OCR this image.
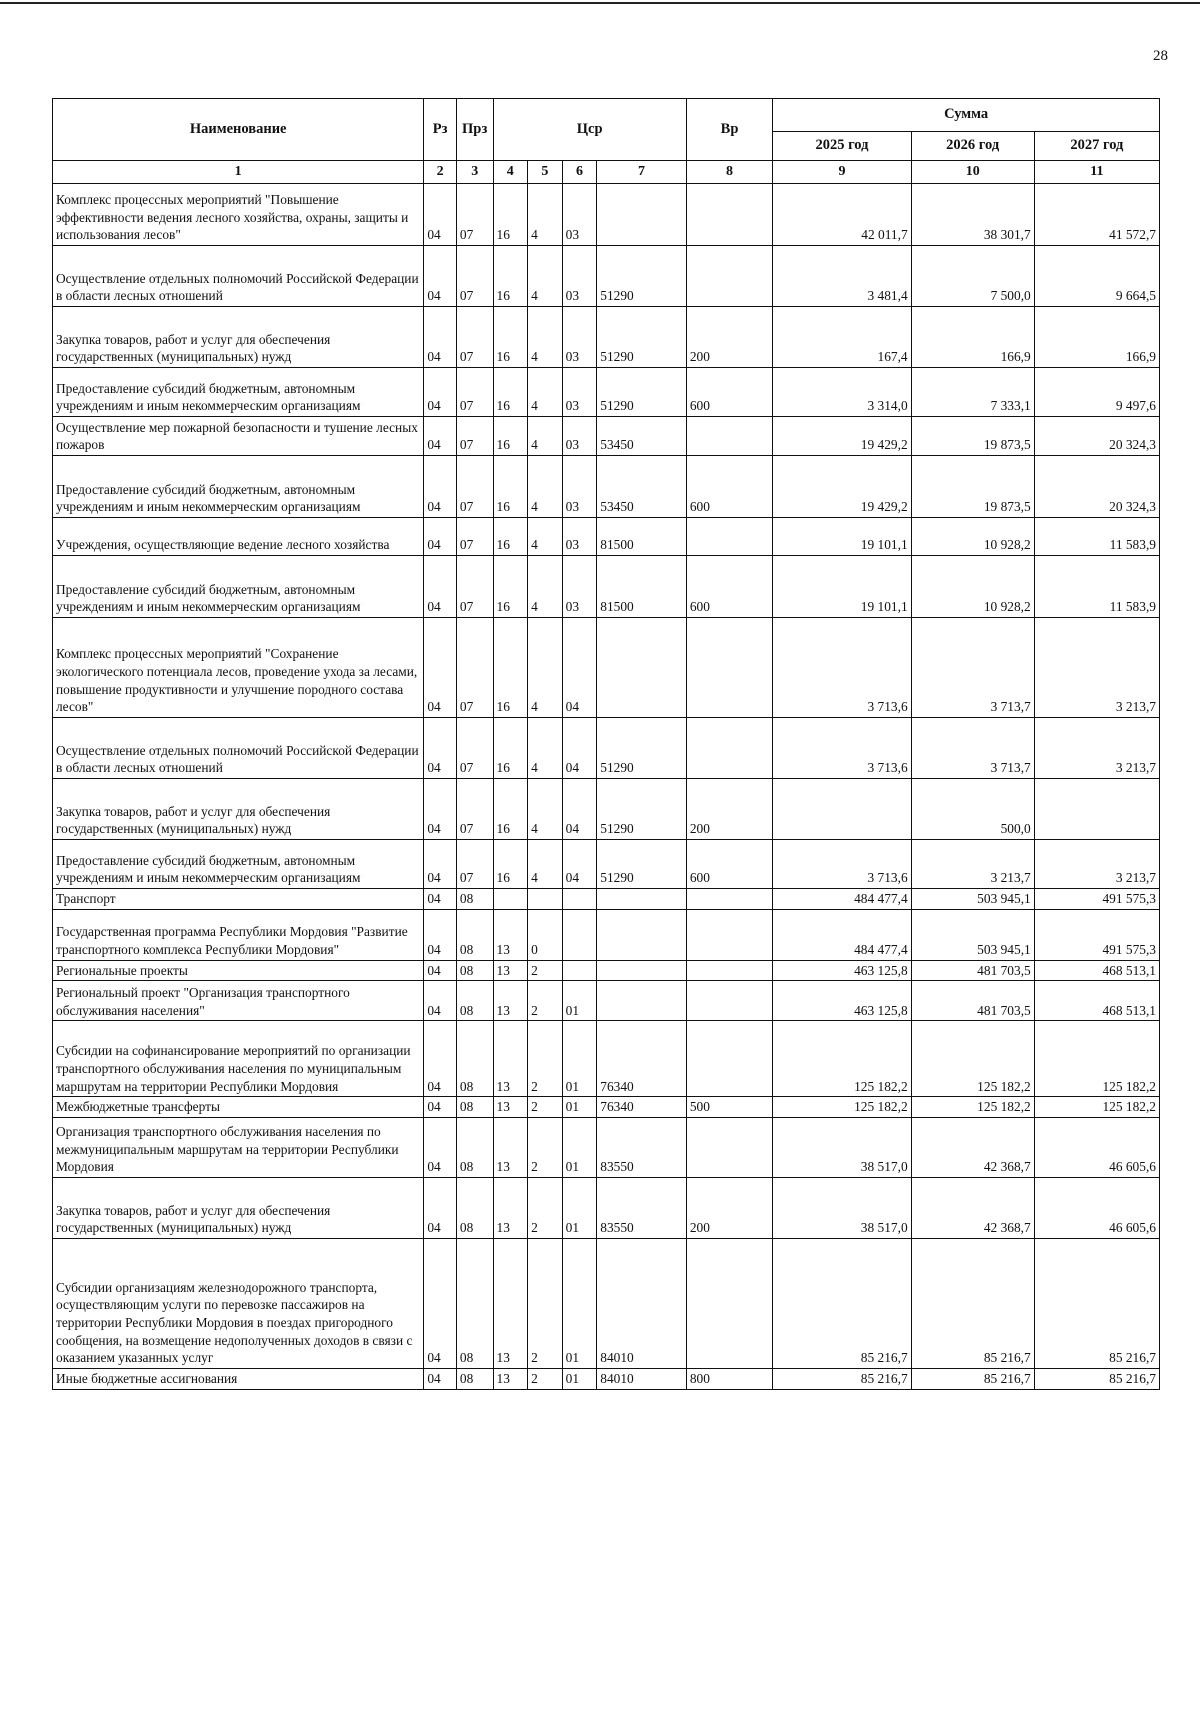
28
Наименование	Рз	Прз	Цср				Вр	Сумма		
								2025 год	2026 год	2027 год
1	2	3	4	5	6	7	8	9	10	11
Комплекс процессных мероприятий "Повышение эффективности ведения лесного хозяйства, охраны, защиты и использования лесов"	04	07	16	4	03			42 011,7	38 301,7	41 572,7
Осуществление отдельных полномочий Российской Федерации в области лесных отношений	04	07	16	4	03	51290		3 481,4	7 500,0	9 664,5
Закупка товаров, работ и услуг для обеспечения государственных (муниципальных) нужд	04	07	16	4	03	51290	200	167,4	166,9	166,9
Предоставление субсидий бюджетным, автономным учреждениям и иным некоммерческим организациям	04	07	16	4	03	51290	600	3 314,0	7 333,1	9 497,6
Осуществление мер пожарной безопасности и тушение лесных пожаров	04	07	16	4	03	53450		19 429,2	19 873,5	20 324,3
Предоставление субсидий бюджетным, автономным учреждениям и иным некоммерческим организациям	04	07	16	4	03	53450	600	19 429,2	19 873,5	20 324,3
Учреждения, осуществляющие ведение лесного хозяйства	04	07	16	4	03	81500		19 101,1	10 928,2	11 583,9
Предоставление субсидий бюджетным, автономным учреждениям и иным некоммерческим организациям	04	07	16	4	03	81500	600	19 101,1	10 928,2	11 583,9
Комплекс процессных мероприятий "Сохранение экологического потенциала лесов, проведение ухода за лесами, повышение продуктивности и улучшение породного состава лесов"	04	07	16	4	04			3 713,6	3 713,7	3 213,7
Осуществление отдельных полномочий Российской Федерации в области лесных отношений	04	07	16	4	04	51290		3 713,6	3 713,7	3 213,7
Закупка товаров, работ и услуг для обеспечения государственных (муниципальных) нужд	04	07	16	4	04	51290	200		500,0	
Предоставление субсидий бюджетным, автономным учреждениям и иным некоммерческим организациям	04	07	16	4	04	51290	600	3 713,6	3 213,7	3 213,7
Транспорт	04	08						484 477,4	503 945,1	491 575,3
Государственная программа Республики Мордовия "Развитие транспортного комплекса Республики Мордовия"	04	08	13	0				484 477,4	503 945,1	491 575,3
Региональные проекты	04	08	13	2				463 125,8	481 703,5	468 513,1
Региональный проект "Организация транспортного обслуживания населения"	04	08	13	2	01			463 125,8	481 703,5	468 513,1
Субсидии на софинансирование мероприятий по организации транспортного обслуживания населения по муниципальным маршрутам на территории Республики Мордовия	04	08	13	2	01	76340		125 182,2	125 182,2	125 182,2
Межбюджетные трансферты	04	08	13	2	01	76340	500	125 182,2	125 182,2	125 182,2
Организация транспортного обслуживания населения по межмуниципальным маршрутам на территории Республики Мордовия	04	08	13	2	01	83550		38 517,0	42 368,7	46 605,6
Закупка товаров, работ и услуг для обеспечения государственных (муниципальных) нужд	04	08	13	2	01	83550	200	38 517,0	42 368,7	46 605,6
Субсидии организациям железнодорожного транспорта, осуществляющим услуги по перевозке пассажиров на территории Республики Мордовия в поездах пригородного сообщения, на возмещение недополученных доходов в связи с оказанием указанных услуг	04	08	13	2	01	84010		85 216,7	85 216,7	85 216,7
Иные бюджетные ассигнования	04	08	13	2	01	84010	800	85 216,7	85 216,7	85 216,7
